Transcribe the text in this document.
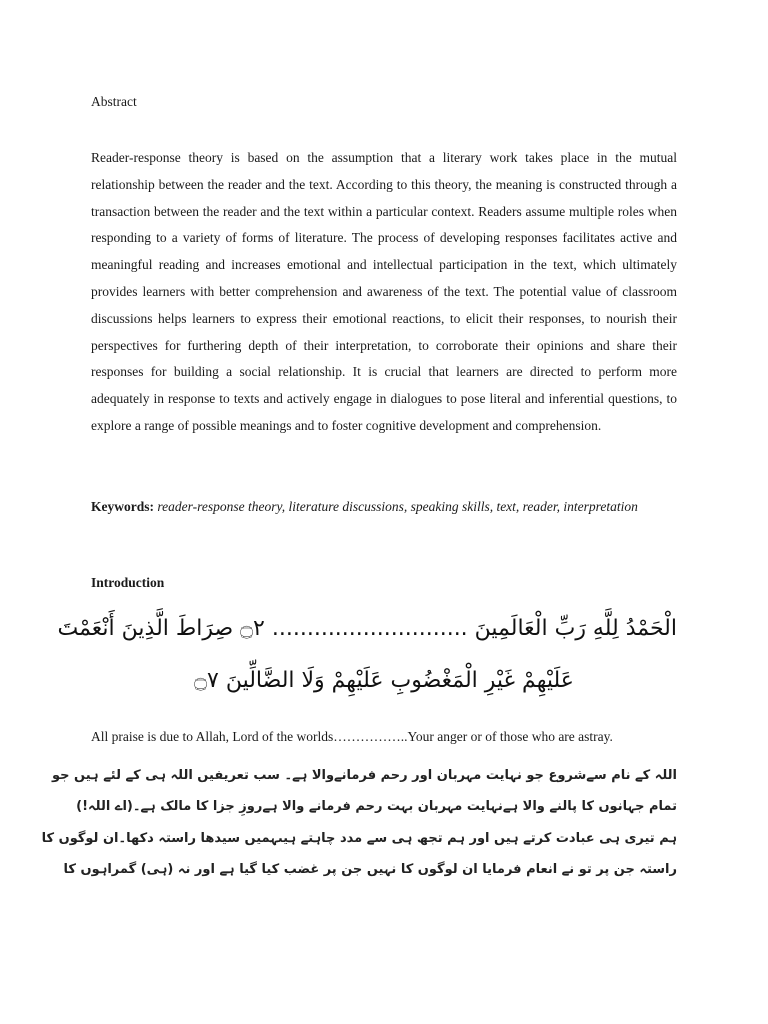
Abstract

Reader-response theory is based on the assumption that a literary work takes place in the mutual relationship between the reader and the text. According to this theory, the meaning is constructed through a transaction between the reader and the text within a particular context. Readers assume multiple roles when responding to a variety of forms of literature. The process of developing responses facilitates active and meaningful reading and increases emotional and intellectual participation in the text, which ultimately provides learners with better comprehension and awareness of the text. The potential value of classroom discussions helps learners to express their emotional reactions, to elicit their responses, to nourish their perspectives for furthering depth of their interpretation, to corroborate their opinions and share their responses for building a social relationship. It is crucial that learners are directed to perform more adequately in response to texts and actively engage in dialogues to pose literal and inferential questions, to explore a range of possible meanings and to foster cognitive development and comprehension.

Keywords: reader-response theory, literature discussions, speaking skills, text, reader, interpretation

Introduction
الْحَمْدُ لِلَّهِ رَبِّ الْعَالَمِينَ ............................ ۝٢ صِرَاطَ الَّذِينَ أَنْعَمْتَ
عَلَيْهِمْ غَيْرِ الْمَغْضُوبِ عَلَيْهِمْ وَلَا الضَّالِّينَ ۝٧
All praise is due to Allah, Lord of the worlds……………..Your anger or of those who are astray.
اللہ کے نام سےشروع جو نہایت مہربان اور رحم فرمانےوالا ہے۔ سب تعریفیں اللہ ہی کے لئے ہیں جو
تمام جہانوں کا پالنے والا ہےنہایت مہربان بہت رحم فرمانے والا ہےروزِ جزا کا مالک ہے۔(اے اللہ!)
ہم تیری ہی عبادت کرتے ہیں اور ہم تجھ ہی سے مدد چاہتے ہیںہمیں سیدھا راستہ دکھا۔ان لوگوں کا
راستہ جن پر تو نے انعام فرمایا ان لوگوں کا نہیں جن پر غضب کیا گیا ہے اور نہ (ہی) گمراہوں کا
